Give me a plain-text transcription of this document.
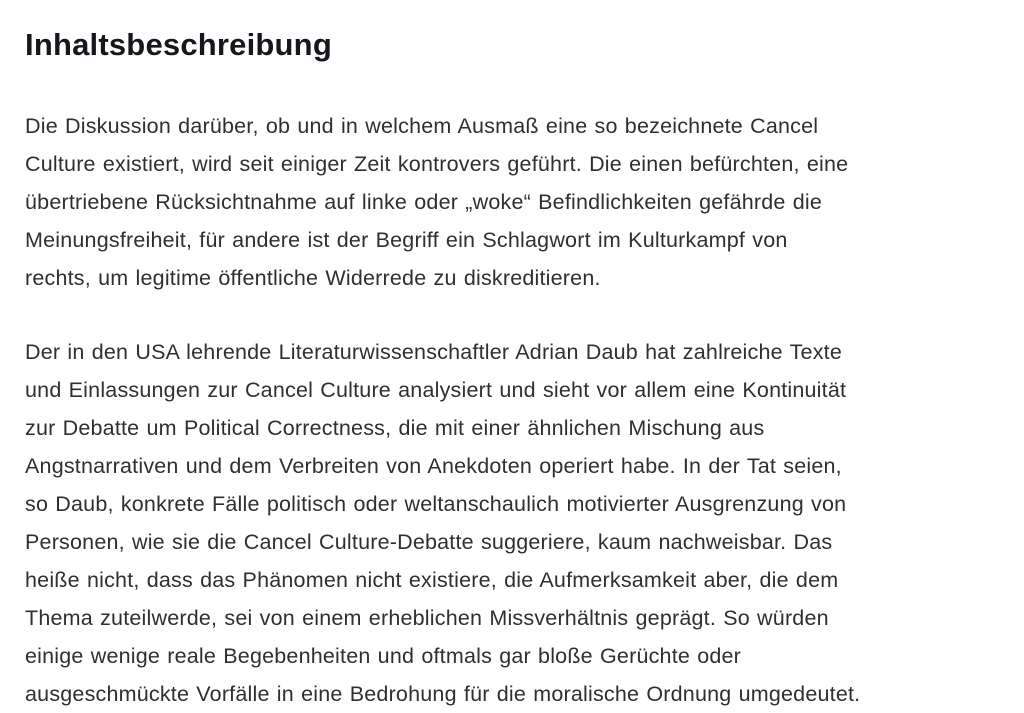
Inhaltsbeschreibung

Die Diskussion darüber, ob und in welchem Ausmaß eine so bezeichnete Cancel
Culture existiert, wird seit einiger Zeit kontrovers geführt. Die einen befürchten, eine
übertriebene Rücksichtnahme auf linke oder „woke“ Befindlichkeiten gefährde die
Meinungsfreiheit, für andere ist der Begriff ein Schlagwort im Kulturkampf von
rechts, um legitime öffentliche Widerrede zu diskreditieren.

Der in den USA lehrende Literaturwissenschaftler Adrian Daub hat zahlreiche Texte
und Einlassungen zur Cancel Culture analysiert und sieht vor allem eine Kontinuität
zur Debatte um Political Correctness, die mit einer ähnlichen Mischung aus
Angstnarrativen und dem Verbreiten von Anekdoten operiert habe. In der Tat seien,
so Daub, konkrete Fälle politisch oder weltanschaulich motivierter Ausgrenzung von
Personen, wie sie die Cancel Culture-Debatte suggeriere, kaum nachweisbar. Das
heiße nicht, dass das Phänomen nicht existiere, die Aufmerksamkeit aber, die dem
Thema zuteilwerde, sei von einem erheblichen Missverhältnis geprägt. So würden
einige wenige reale Begebenheiten und oftmals gar bloße Gerüchte oder
ausgeschmückte Vorfälle in eine Bedrohung für die moralische Ordnung umgedeutet.
